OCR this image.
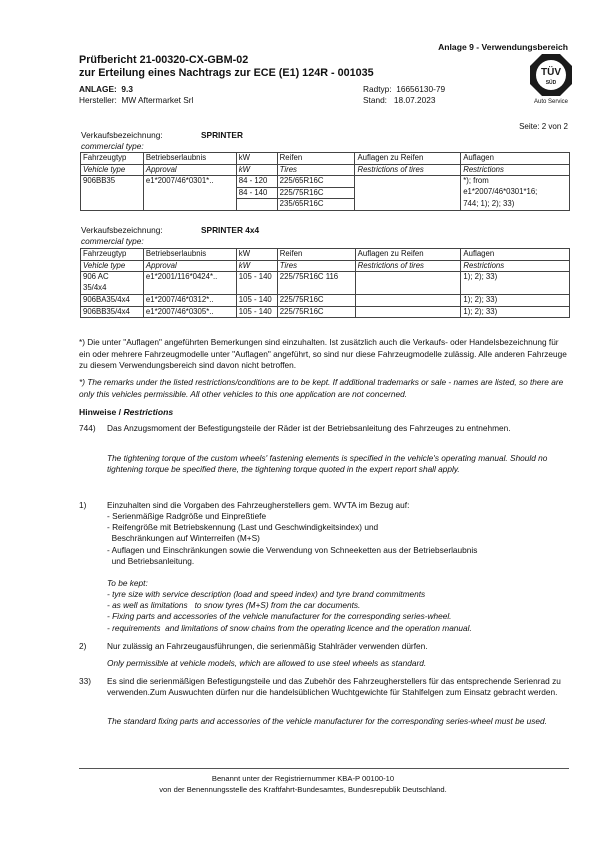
Anlage 9 - Verwendungsbereich
Prüfbericht 21-00320-CX-GBM-02
zur Erteilung eines Nachtrags zur ECE (E1) 124R - 001035
ANLAGE: 9.3	Radtyp: 16656130-79
Hersteller: MW Aftermarket Srl	Stand: 18.07.2023
TÜV
SÜD
Auto Service
Seite: 2 von 2
Verkaufsbezeichnung:	SPRINTER
commercial type:
Fahrzeugtyp	Betriebserlaubnis	kW	Reifen	Auflagen zu Reifen	Auflagen
Vehicle type	Approval	kW	Tires	Restrictions of tires	Restrictions
906BB35	e1*2007/46*0301*..	84 - 120	225/65R16C		*); from
		84 - 140	225/75R16C		e1*2007/46*0301*16;
			235/65R16C		744; 1); 2); 33)
Verkaufsbezeichnung:	SPRINTER 4x4
commercial type:
Fahrzeugtyp	Betriebserlaubnis	kW	Reifen	Auflagen zu Reifen	Auflagen
Vehicle type	Approval	kW	Tires	Restrictions of tires	Restrictions
906 AC	e1*2001/116*0424*..	105 - 140	225/75R16C 116		1); 2); 33)
35/4x4					
906BA35/4x4	e1*2007/46*0312*..	105 - 140	225/75R16C		1); 2); 33)
906BB35/4x4	e1*2007/46*0305*..	105 - 140	225/75R16C		1); 2); 33)
*) Die unter "Auflagen" angeführten Bemerkungen sind einzuhalten. Ist zusätzlich auch die Verkaufs- oder Handelsbezeichnung für ein oder mehrere Fahrzeugmodelle unter "Auflagen" angeführt, so sind nur diese Fahrzeugmodelle zulässig. Alle anderen Fahrzeuge zu diesem Verwendungsbereich sind davon nicht betroffen.
*) The remarks under the listed restrictions/conditions are to be kept. If additional trademarks or sale - names are listed, so there are only this vehicles permissible. All other vehicles to this one application are not concerned.
Hinweise / Restrictions
744) Das Anzugsmoment der Befestigungsteile der Räder ist der Betriebsanleitung des Fahrzeuges zu entnehmen.
The tightening torque of the custom wheels' fastening elements is specified in the vehicle's operating manual. Should no tightening torque be specified there, the tightening torque quoted in the expert report shall apply.
1) Einzuhalten sind die Vorgaben des Fahrzeugherstellers gem. WVTA im Bezug auf:
- Serienmäßige Radgröße und Einpreßtiefe
- Reifengröße mit Betriebskennung (Last und Geschwindigkeitsindex) und
Beschränkungen auf Winterreifen (M+S)
- Auflagen und Einschränkungen sowie die Verwendung von Schneeketten aus der Betriebserlaubnis
und Betriebsanleitung.
To be kept:
- tyre size with service description (load and speed index) and tyre brand commitments
- as well as limitations   to snow tyres (M+S) from the car documents.
- Fixing parts and accessories of the vehicle manufacturer for the corresponding series-wheel.
- requirements  and limitations of snow chains from the operating licence and the operation manual.
2) Nur zulässig an Fahrzeugausführungen, die serienmäßig Stahlräder verwenden dürfen.
Only permissible at vehicle models, which are allowed to use steel wheels as standard.
33) Es sind die serienmäßigen Befestigungsteile und das Zubehör des Fahrzeugherstellers für das entsprechende Serienrad zu verwenden.Zum Auswuchten dürfen nur die handelsüblichen Wuchtgewichte für Stahlfelgen zum Einsatz gebracht werden.
The standard fixing parts and accessories of the vehicle manufacturer for the corresponding series-wheel must be used.
Benannt unter der Registriernummer KBA-P 00100-10
von der Benennungsstelle des Kraftfahrt-Bundesamtes, Bundesrepublik Deutschland.
